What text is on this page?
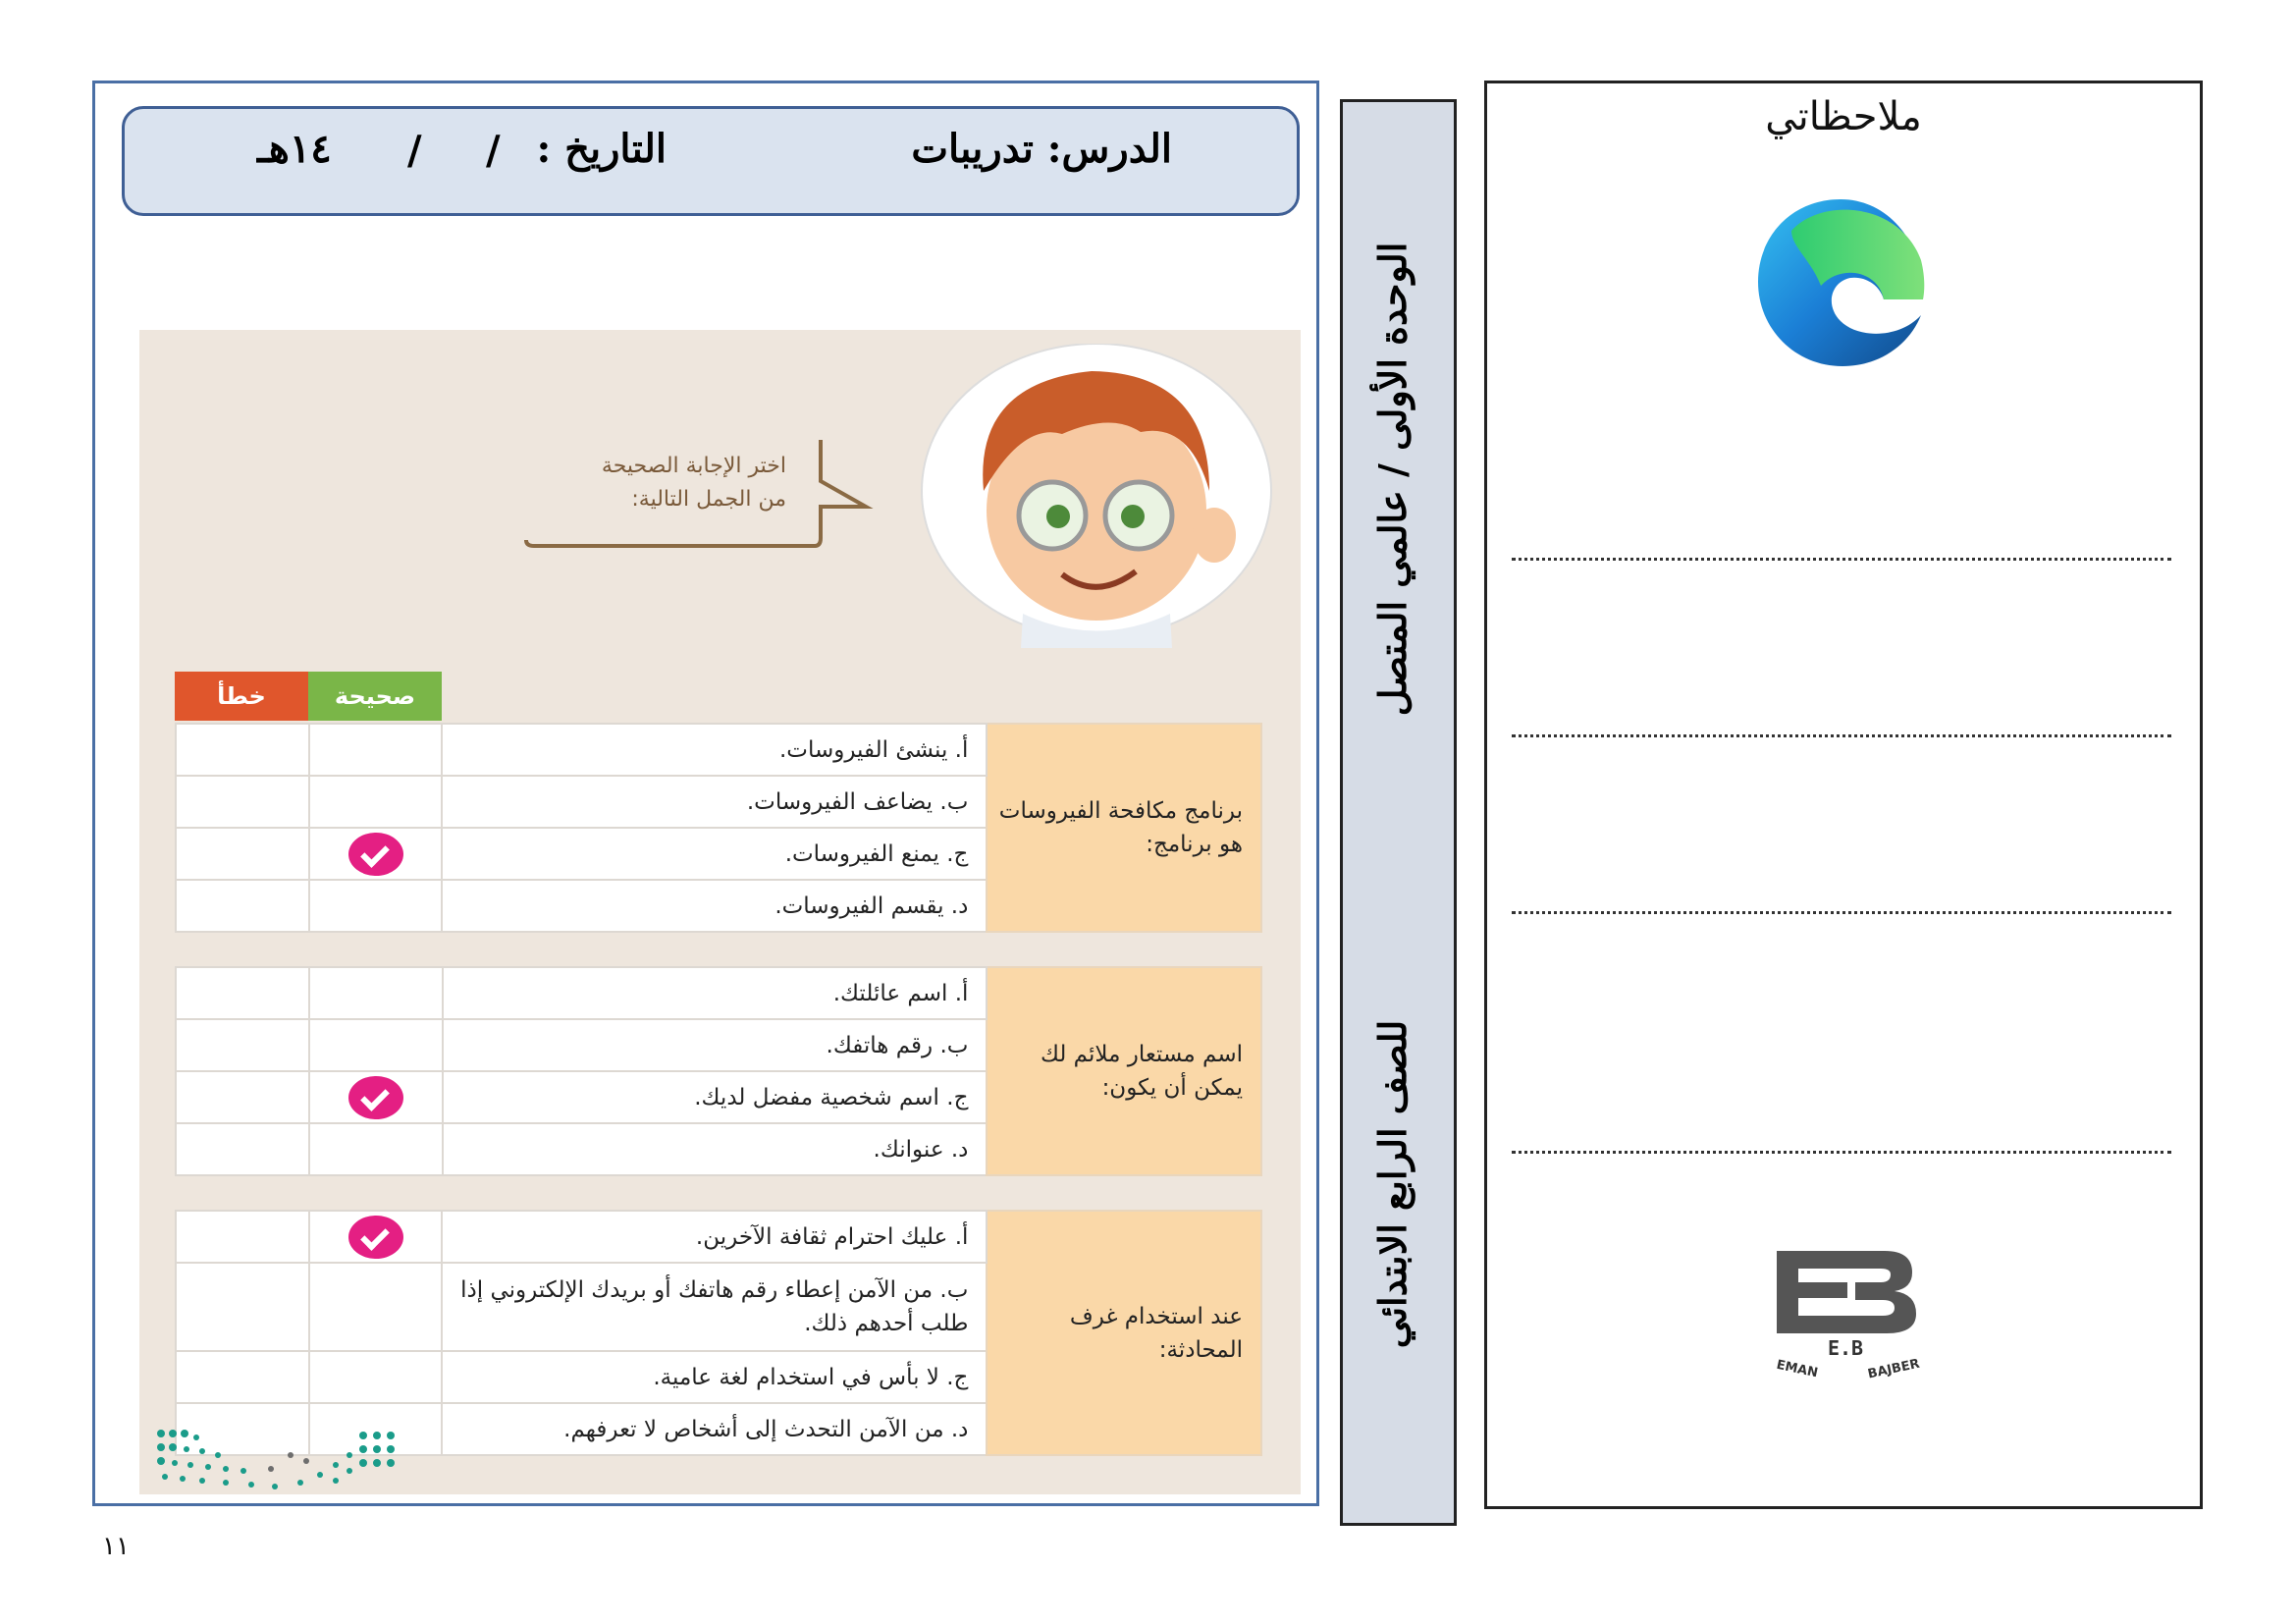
الدرس: تدريبات
التاريخ :
/
/
١٤هـ
اختر الإجابة الصحيحة
من الجمل التالية:
خطأ	صحيحة
		أ. ينشئ الفيروسات.	برنامج مكافحة الفيروسات هو برنامج:
		ب. يضاعف الفيروسات.	
		ج. يمنع الفيروسات.	
		د. يقسم الفيروسات.	
		أ. اسم عائلتك.	اسم مستعار ملائم لك يمكن أن يكون:
		ب. رقم هاتفك.	
		ج. اسم شخصية مفضل لديك.	
		د. عنوانك.	
		أ. عليك احترام ثقافة الآخرين.	عند استخدام غرف المحادثة:
		ب. من الآمن إعطاء رقم هاتفك أو بريدك الإلكتروني إذا طلب أحدهم ذلك.	
		ج. لا بأس في استخدام لغة عامية.	
		د. من الآمن التحدث إلى أشخاص لا تعرفهم.	
الوحدة الأولى / عالمي المتصل
للصف الرابع الابتدائي
ملاحظاتي
E.B
EMAN	BAJBER
١١
